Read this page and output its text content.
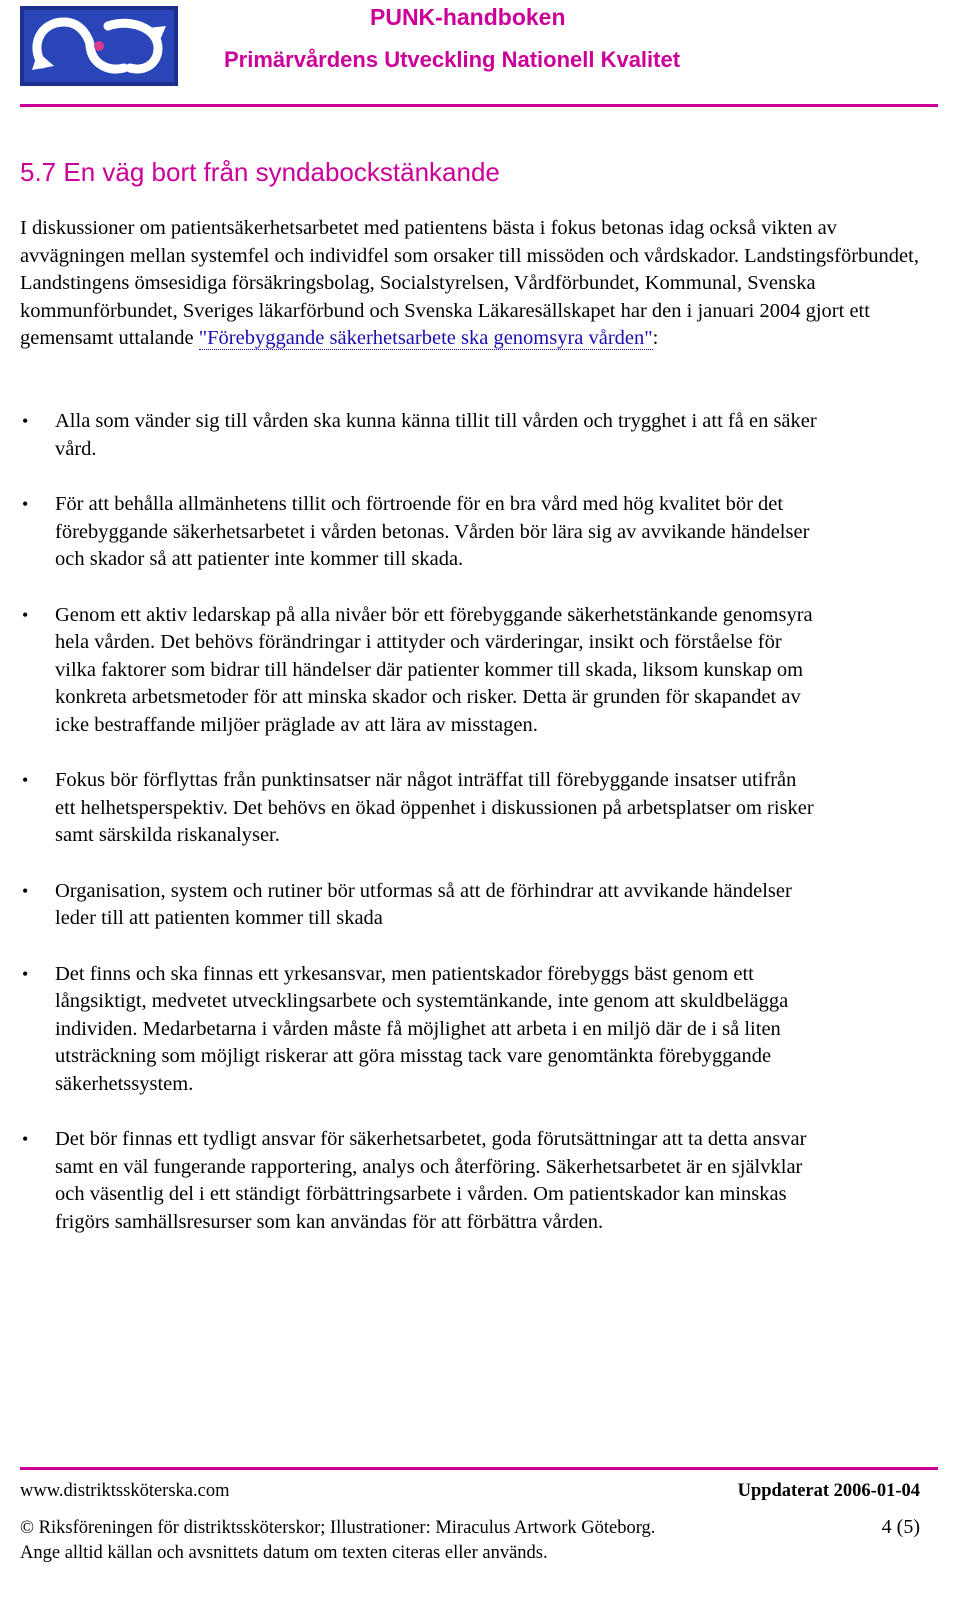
PUNK-handboken
Primärvårdens Utveckling Nationell Kvalitet
5.7 En väg bort från syndabockstänkande

I diskussioner om patientsäkerhetsarbetet med patientens bästa i fokus betonas idag också vikten av avvägningen mellan systemfel och individfel som orsaker till missöden och vårdskador. Landstingsförbundet, Landstingens ömsesidiga försäkringsbolag, Socialstyrelsen, Vårdförbundet, Kommunal, Svenska kommunförbundet, Sveriges läkarförbund och Svenska Läkaresällskapet har den i januari 2004 gjort ett gemensamt uttalande "Förebyggande säkerhetsarbete ska genomsyra vården":

• Alla som vänder sig till vården ska kunna känna tillit till vården och trygghet i att få en säker vård.
• För att behålla allmänhetens tillit och förtroende för en bra vård med hög kvalitet bör det förebyggande säkerhetsarbetet i vården betonas. Vården bör lära sig av avvikande händelser och skador så att patienter inte kommer till skada.
• Genom ett aktiv ledarskap på alla nivåer bör ett förebyggande säkerhetstänkande genomsyra hela vården. Det behövs förändringar i attityder och värderingar, insikt och förståelse för vilka faktorer som bidrar till händelser där patienter kommer till skada, liksom kunskap om konkreta arbetsmetoder för att minska skador och risker. Detta är grunden för skapandet av icke bestraffande miljöer präglade av att lära av misstagen.
• Fokus bör förflyttas från punktinsatser när något inträffat till förebyggande insatser utifrån ett helhetsperspektiv. Det behövs en ökad öppenhet i diskussionen på arbetsplatser om risker samt särskilda riskanalyser.
• Organisation, system och rutiner bör utformas så att de förhindrar att avvikande händelser leder till att patienten kommer till skada
• Det finns och ska finnas ett yrkesansvar, men patientskador förebyggs bäst genom ett långsiktigt, medvetet utvecklingsarbete och systemtänkande, inte genom att skuldbelägga individen. Medarbetarna i vården måste få möjlighet att arbeta i en miljö där de i så liten utsträckning som möjligt riskerar att göra misstag tack vare genomtänkta förebyggande säkerhetssystem.
• Det bör finnas ett tydligt ansvar för säkerhetsarbetet, goda förutsättningar att ta detta ansvar samt en väl fungerande rapportering, analys och återföring. Säkerhetsarbetet är en självklar och väsentlig del i ett ständigt förbättringsarbete i vården. Om patientskador kan minskas frigörs samhällsresurser som kan användas för att förbättra vården.
www.distriktssköterska.com	Uppdaterat 2006-01-04
© Riksföreningen för distriktssköterskor; Illustrationer: Miraculus Artwork Göteborg.	4 (5)
Ange alltid källan och avsnittets datum om texten citeras eller används.
